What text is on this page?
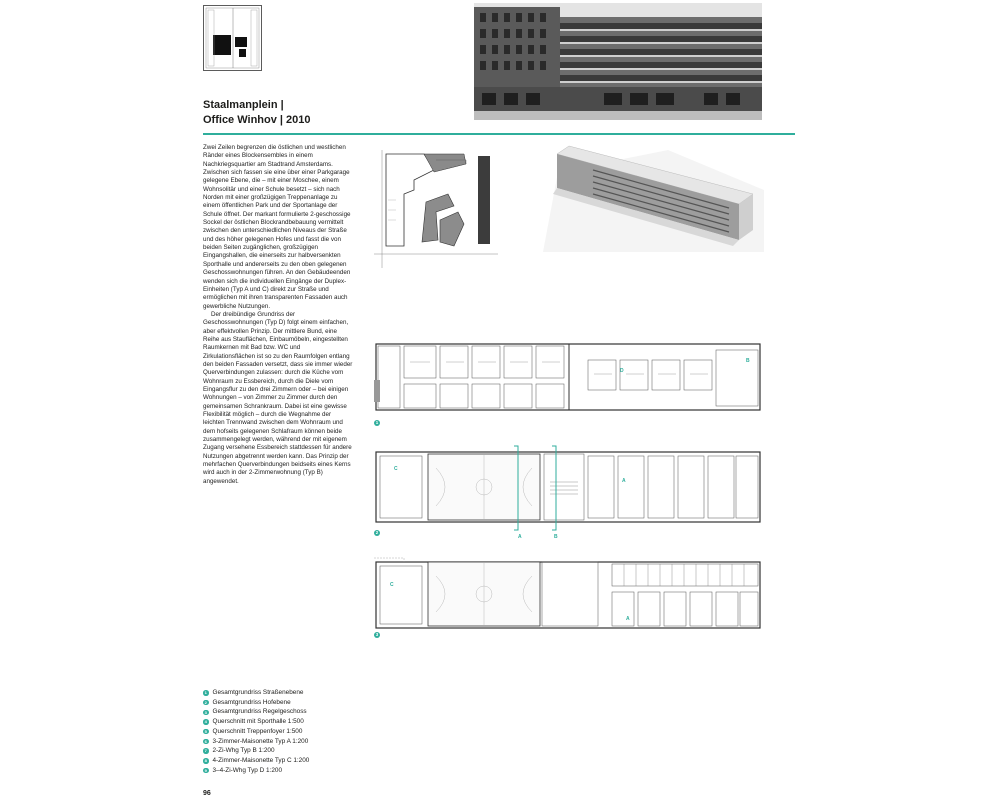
Staalmanplein |
Office Winhov | 2010

Zwei Zeilen begrenzen die östlichen und westlichen Ränder eines Blockensembles in einem Nachkriegsquartier am Stadtrand Amsterdams. Zwischen sich fassen sie eine über einer Parkgarage gelegene Ebene, die – mit einer Moschee, einem Wohnsolitär und einer Schule besetzt – sich nach Norden mit einer großzügigen Treppenanlage zu einem öffentlichen Park und der Sportanlage der Schule öffnet. Der markant formulierte 2-geschossige Sockel der östlichen Blockrandbebauung vermittelt zwischen den unterschiedlichen Niveaus der Straße und des höher gelegenen Hofes und fasst die von beiden Seiten zugänglichen, großzügigen Eingangshallen, die einerseits zur halbversenkten Sporthalle und andererseits zu den oben gelegenen Geschosswohnungen führen. An den Gebäudeenden wenden sich die individuellen Eingänge der Duplex-Einheiten (Typ A und C) direkt zur Straße und ermöglichen mit ihren transparenten Fassaden auch gewerbliche Nutzungen.

Der dreibündige Grundriss der Geschosswohnungen (Typ D) folgt einem einfachen, aber effektvollen Prinzip. Der mittlere Bund, eine Reihe aus Stauflächen, Einbaumöbeln, eingestellten Raumkernen mit Bad bzw. WC und Zirkulationsflächen ist so zu den Raumfolgen entlang den beiden Fassaden versetzt, dass sie immer wieder Querverbindungen zulassen: durch die Küche vom Wohnraum zu Essbereich, durch die Diele vom Eingangsflur zu den drei Zimmern oder – bei einigen Wohnungen – von Zimmer zu Zimmer durch den gemeinsamen Schrankraum. Dabei ist eine gewisse Flexibilität möglich – durch die Wegnahme der leichten Trennwand zwischen dem Wohnraum und dem hofseits gelegenen Schlafraum können beide zusammengelegt werden, während der mit eigenem Zugang versehene Essbereich stattdessen für andere Nutzungen abgetrennt werden kann. Das Prinzip der mehrfachen Querverbindungen beidseits eines Kerns wird auch in der 2-Zimmerwohnung (Typ B) angewendet.

D
B
1
A	B
C
A
2
C
A
3
1 Gesamtgrundriss Straßenebene
2 Gesamtgrundriss Hofebene
3 Gesamtgrundriss Regelgeschoss
4 Querschnitt mit Sporthalle 1:500
5 Querschnitt Treppenfoyer 1:500
6 3-Zimmer-Maisonette Typ A 1:200
7 2-Zi-Whg Typ B 1:200
8 4-Zimmer-Maisonette Typ C 1:200
9 3–4-Zi-Whg Typ D 1:200
96
